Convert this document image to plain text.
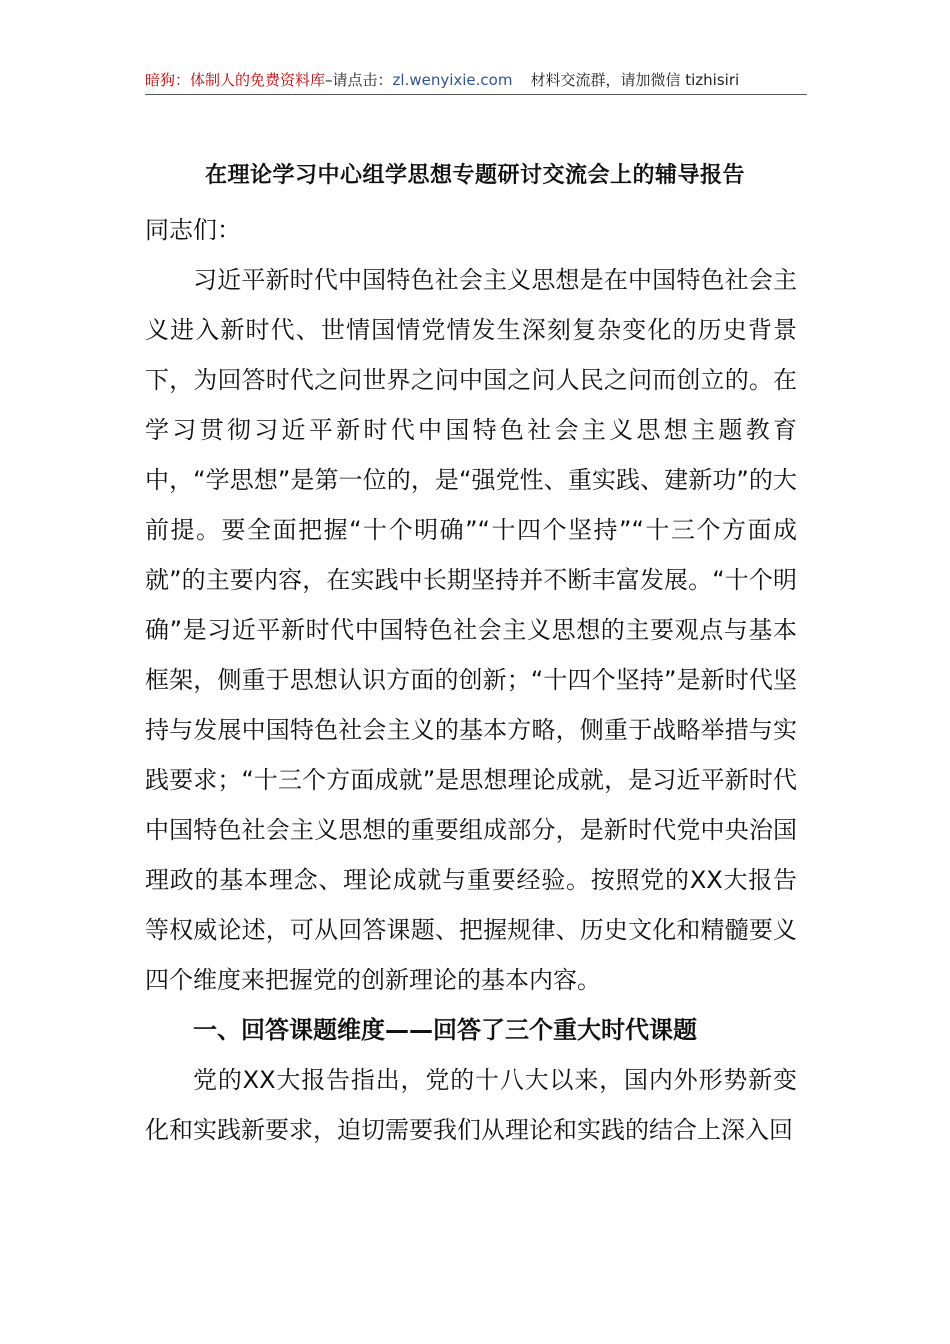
暗狗：体制人的免费资料库–请点击：zl.wenyixie.com 材料交流群，请加微信 tizhisiri
在理论学习中心组学思想专题研讨交流会上的辅导报告

同志们：

习近平新时代中国特色社会主义思想是在中国特色社会主义进入新时代、世情国情党情发生深刻复杂变化的历史背景下，为回答时代之问世界之问中国之问人民之问而创立的。在学习贯彻习近平新时代中国特色社会主义思想主题教育中，“学思想”是第一位的，是“强党性、重实践、建新功”的大前提。要全面把握“十个明确”“十四个坚持”“十三个方面成就”的主要内容，在实践中长期坚持并不断丰富发展。“十个明确”是习近平新时代中国特色社会主义思想的主要观点与基本框架，侧重于思想认识方面的创新；“十四个坚持”是新时代坚持与发展中国特色社会主义的基本方略，侧重于战略举措与实践要求；“十三个方面成就”是思想理论成就，是习近平新时代中国特色社会主义思想的重要组成部分，是新时代党中央治国理政的基本理念、理论成就与重要经验。按照党的XX大报告等权威论述，可从回答课题、把握规律、历史文化和精髓要义四个维度来把握党的创新理论的基本内容。

一、回答课题维度——回答了三个重大时代课题

党的XX大报告指出，党的十八大以来，国内外形势新变化和实践新要求，迫切需要我们从理论和实践的结合上深入回
